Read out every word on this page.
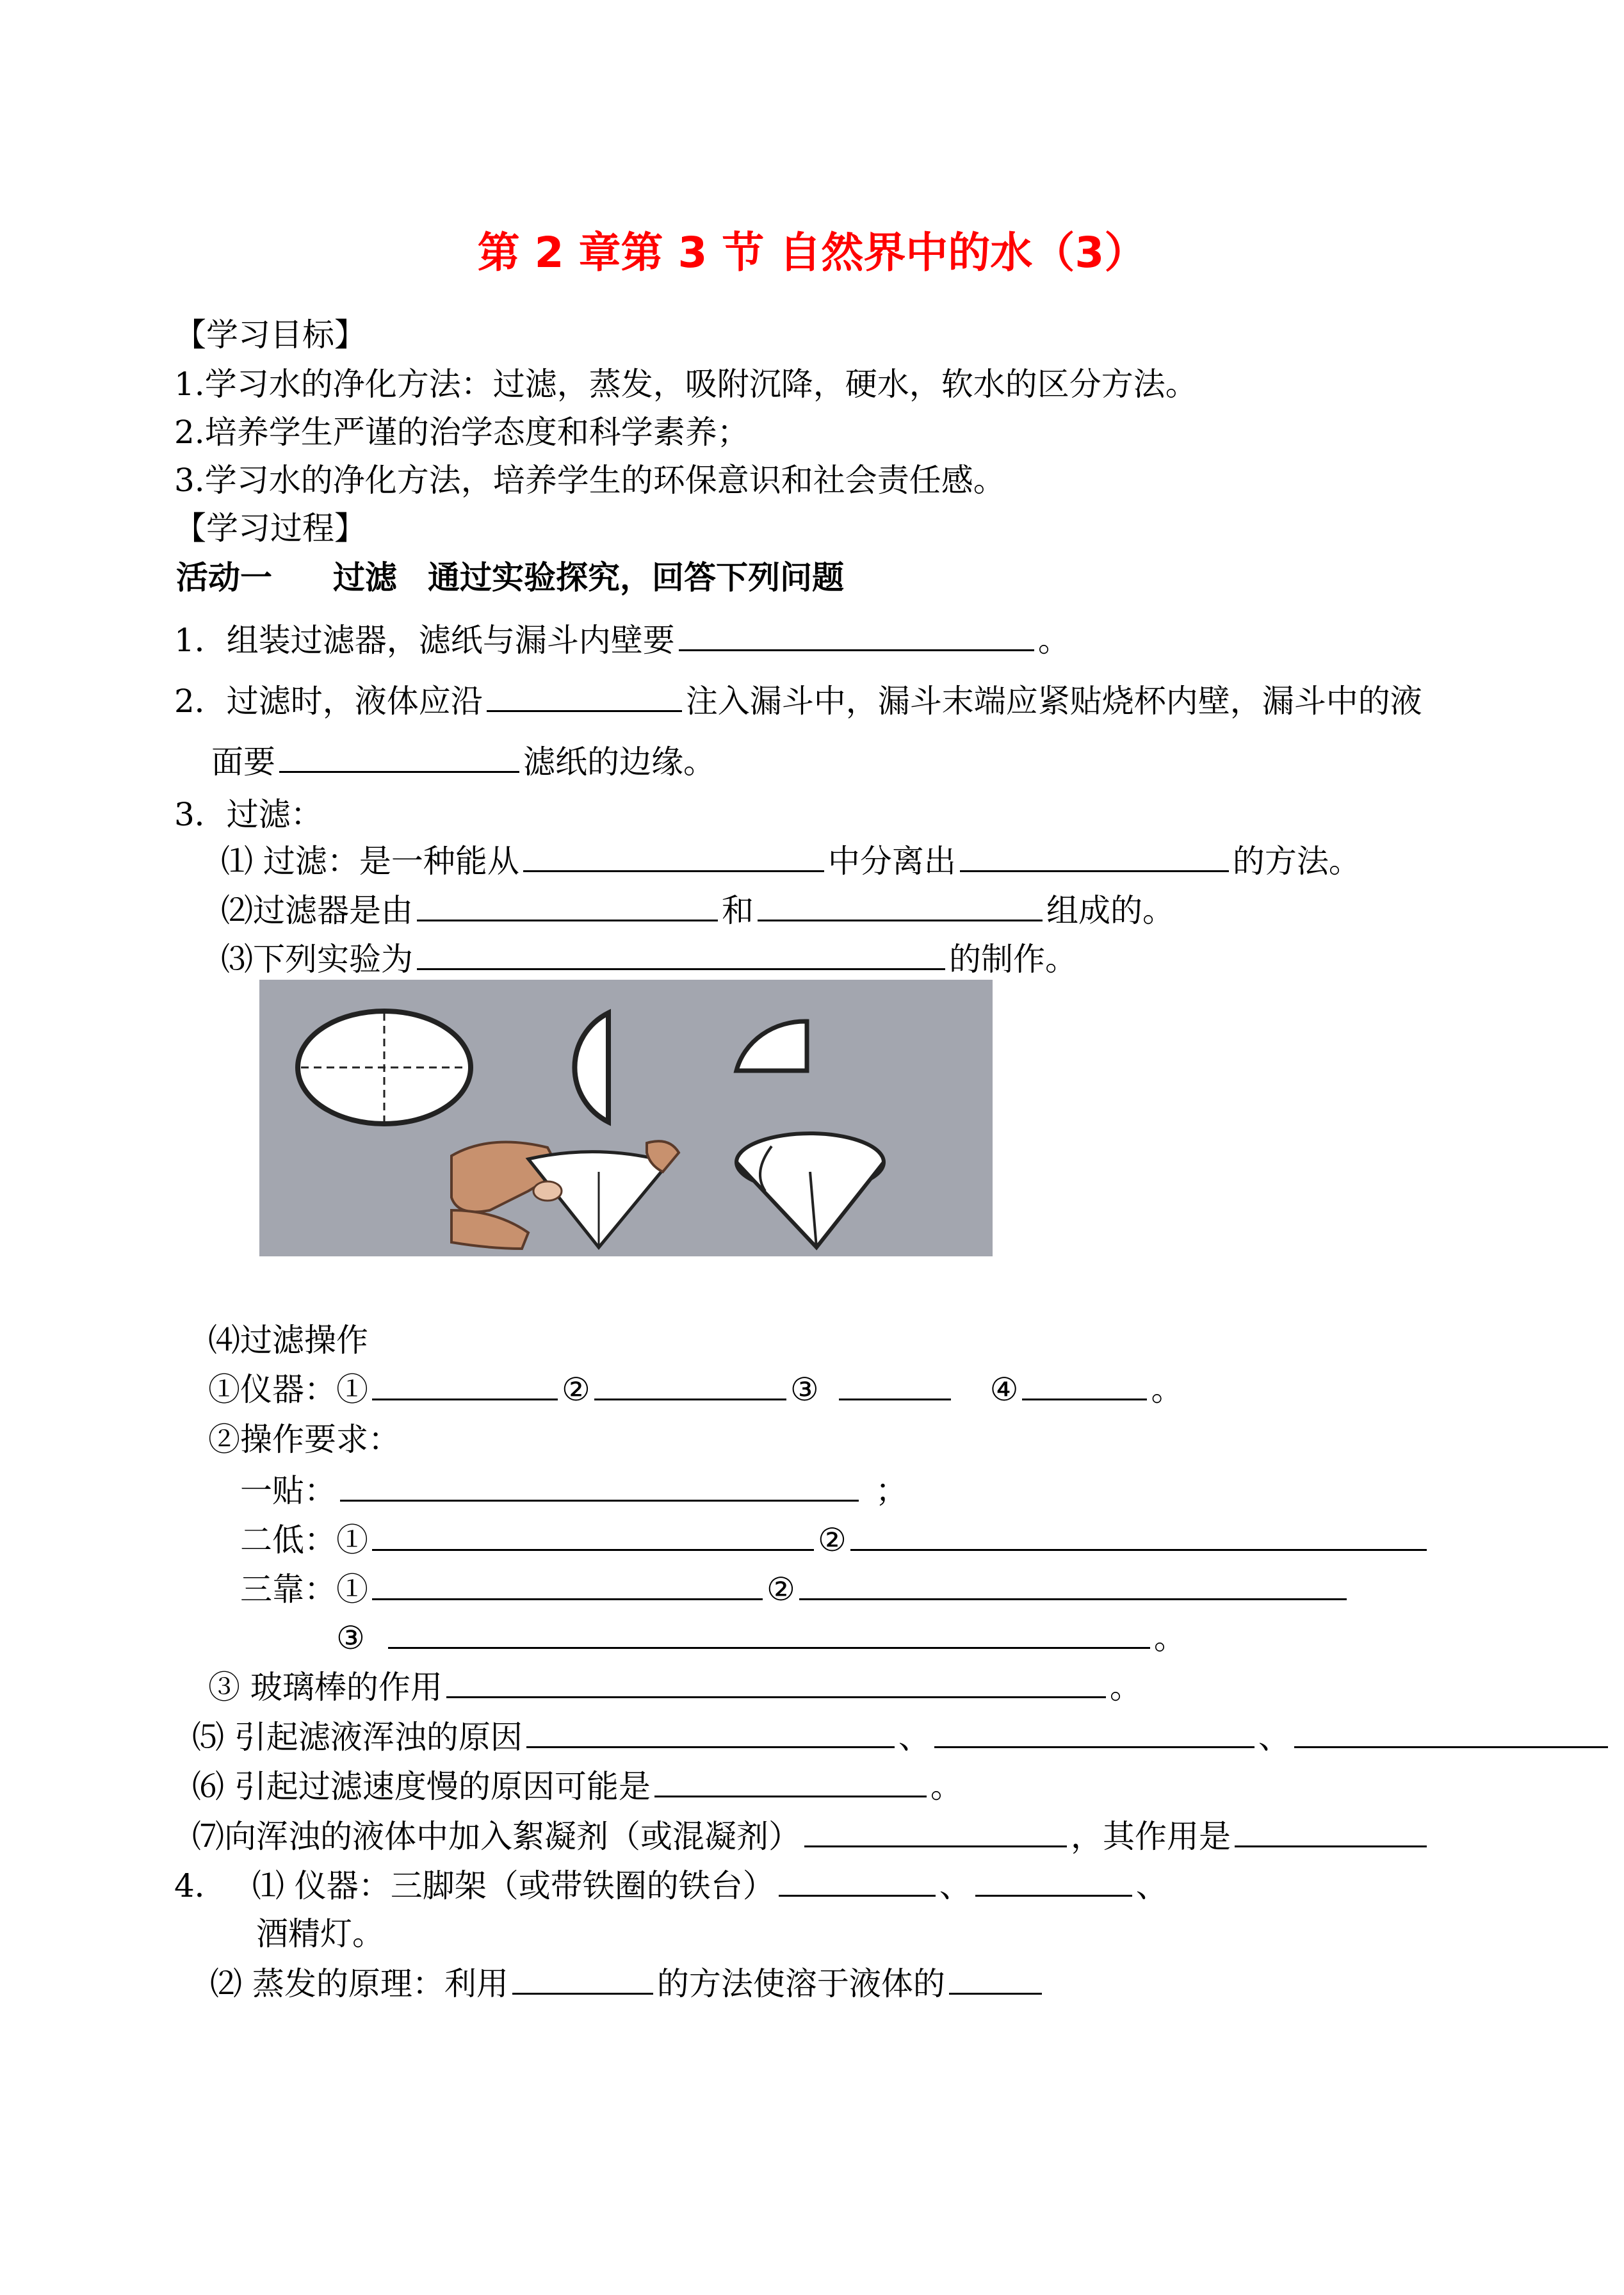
第 2 章第 3 节 自然界中的水（3）
【学习目标】
1.学习水的净化方法：过滤，蒸发，吸附沉降，硬水，软水的区分方法。
2.培养学生严谨的治学态度和科学素养；
3.学习水的净化方法，培养学生的环保意识和社会责任感。
【学习过程】
活动一 过滤 通过实验探究，回答下列问题
1．组装过滤器，滤纸与漏斗内壁要	。
2．过滤时，液体应沿	注入漏斗中，漏斗末端应紧贴烧杯内壁，漏斗中的液
面要	滤纸的边缘。
3．过滤：
⑴ 过滤：是一种能从	中分离出	的方法。
⑵过滤器是由	和	组成的。
⑶下列实验为	的制作。
⑷过滤操作
①仪器：①	②	③	④	。
②操作要求：
一贴：	；
二低：①	②
三靠：①	②
③	。
③ 玻璃棒的作用	。
⑸ 引起滤液浑浊的原因	、	、
⑹ 引起过滤速度慢的原因可能是	。
⑺向浑浊的液体中加入絮凝剂（或混凝剂）	，其作用是
4． ⑴ 仪器：三脚架（或带铁圈的铁台）	、	、
酒精灯。
⑵ 蒸发的原理：利用	的方法使溶于液体的
